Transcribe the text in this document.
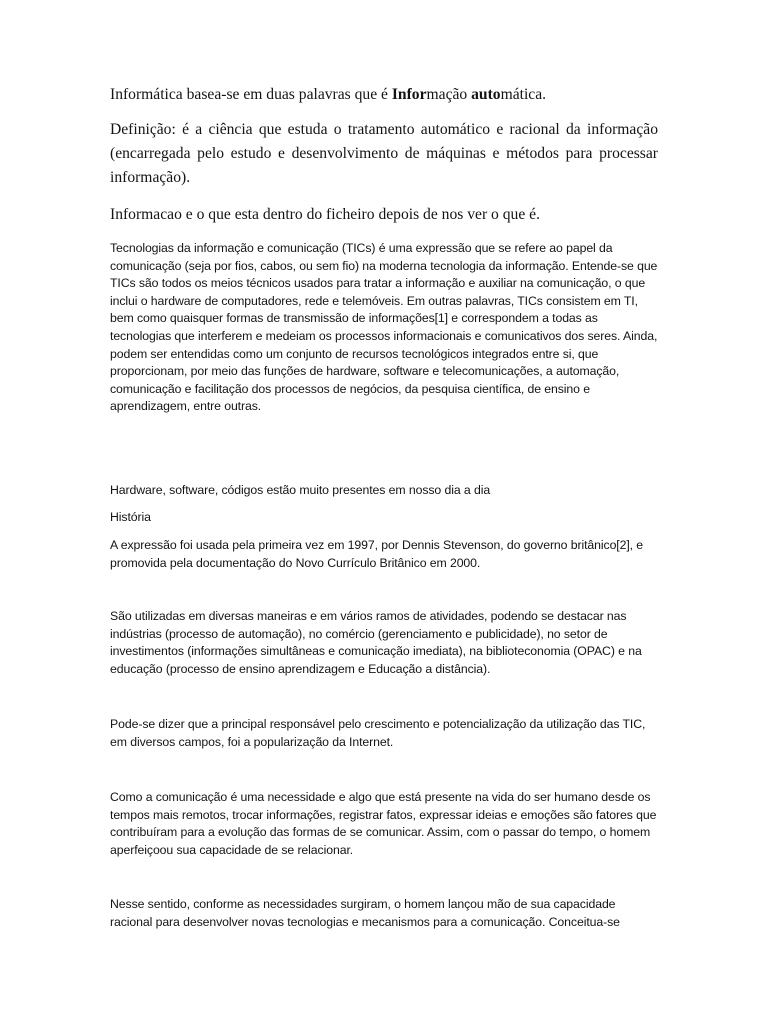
Informática basea-se em duas palavras que é Informação automática.

Definição: é a ciência que estuda o tratamento automático e racional da informação (encarregada pelo estudo e desenvolvimento de máquinas e métodos para processar informação).

Informacao e o que esta dentro do ficheiro depois de nos ver o que é.

Tecnologias da informação e comunicação (TICs) é uma expressão que se refere ao papel da comunicação (seja por fios, cabos, ou sem fio) na moderna tecnologia da informação. Entende-se que TICs são todos os meios técnicos usados para tratar a informação e auxiliar na comunicação, o que inclui o hardware de computadores, rede e telemóveis. Em outras palavras, TICs consistem em TI, bem como quaisquer formas de transmissão de informações[1] e correspondem a todas as tecnologias que interferem e medeiam os processos informacionais e comunicativos dos seres. Ainda, podem ser entendidas como um conjunto de recursos tecnológicos integrados entre si, que proporcionam, por meio das funções de hardware, software e telecomunicações, a automação, comunicação e facilitação dos processos de negócios, da pesquisa científica, de ensino e aprendizagem, entre outras.

Hardware, software, códigos estão muito presentes em nosso dia a dia

História

A expressão foi usada pela primeira vez em 1997, por Dennis Stevenson, do governo britânico[2], e promovida pela documentação do Novo Currículo Britânico em 2000.

São utilizadas em diversas maneiras e em vários ramos de atividades, podendo se destacar nas indústrias (processo de automação), no comércio (gerenciamento e publicidade), no setor de investimentos (informações simultâneas e comunicação imediata), na biblioteconomia (OPAC) e na educação (processo de ensino aprendizagem e Educação a distância).

Pode-se dizer que a principal responsável pelo crescimento e potencialização da utilização das TIC, em diversos campos, foi a popularização da Internet.

Como a comunicação é uma necessidade e algo que está presente na vida do ser humano desde os tempos mais remotos, trocar informações, registrar fatos, expressar ideias e emoções são fatores que contribuíram para a evolução das formas de se comunicar. Assim, com o passar do tempo, o homem aperfeiçoou sua capacidade de se relacionar.

Nesse sentido, conforme as necessidades surgiram, o homem lançou mão de sua capacidade racional para desenvolver novas tecnologias e mecanismos para a comunicação. Conceitua-se
